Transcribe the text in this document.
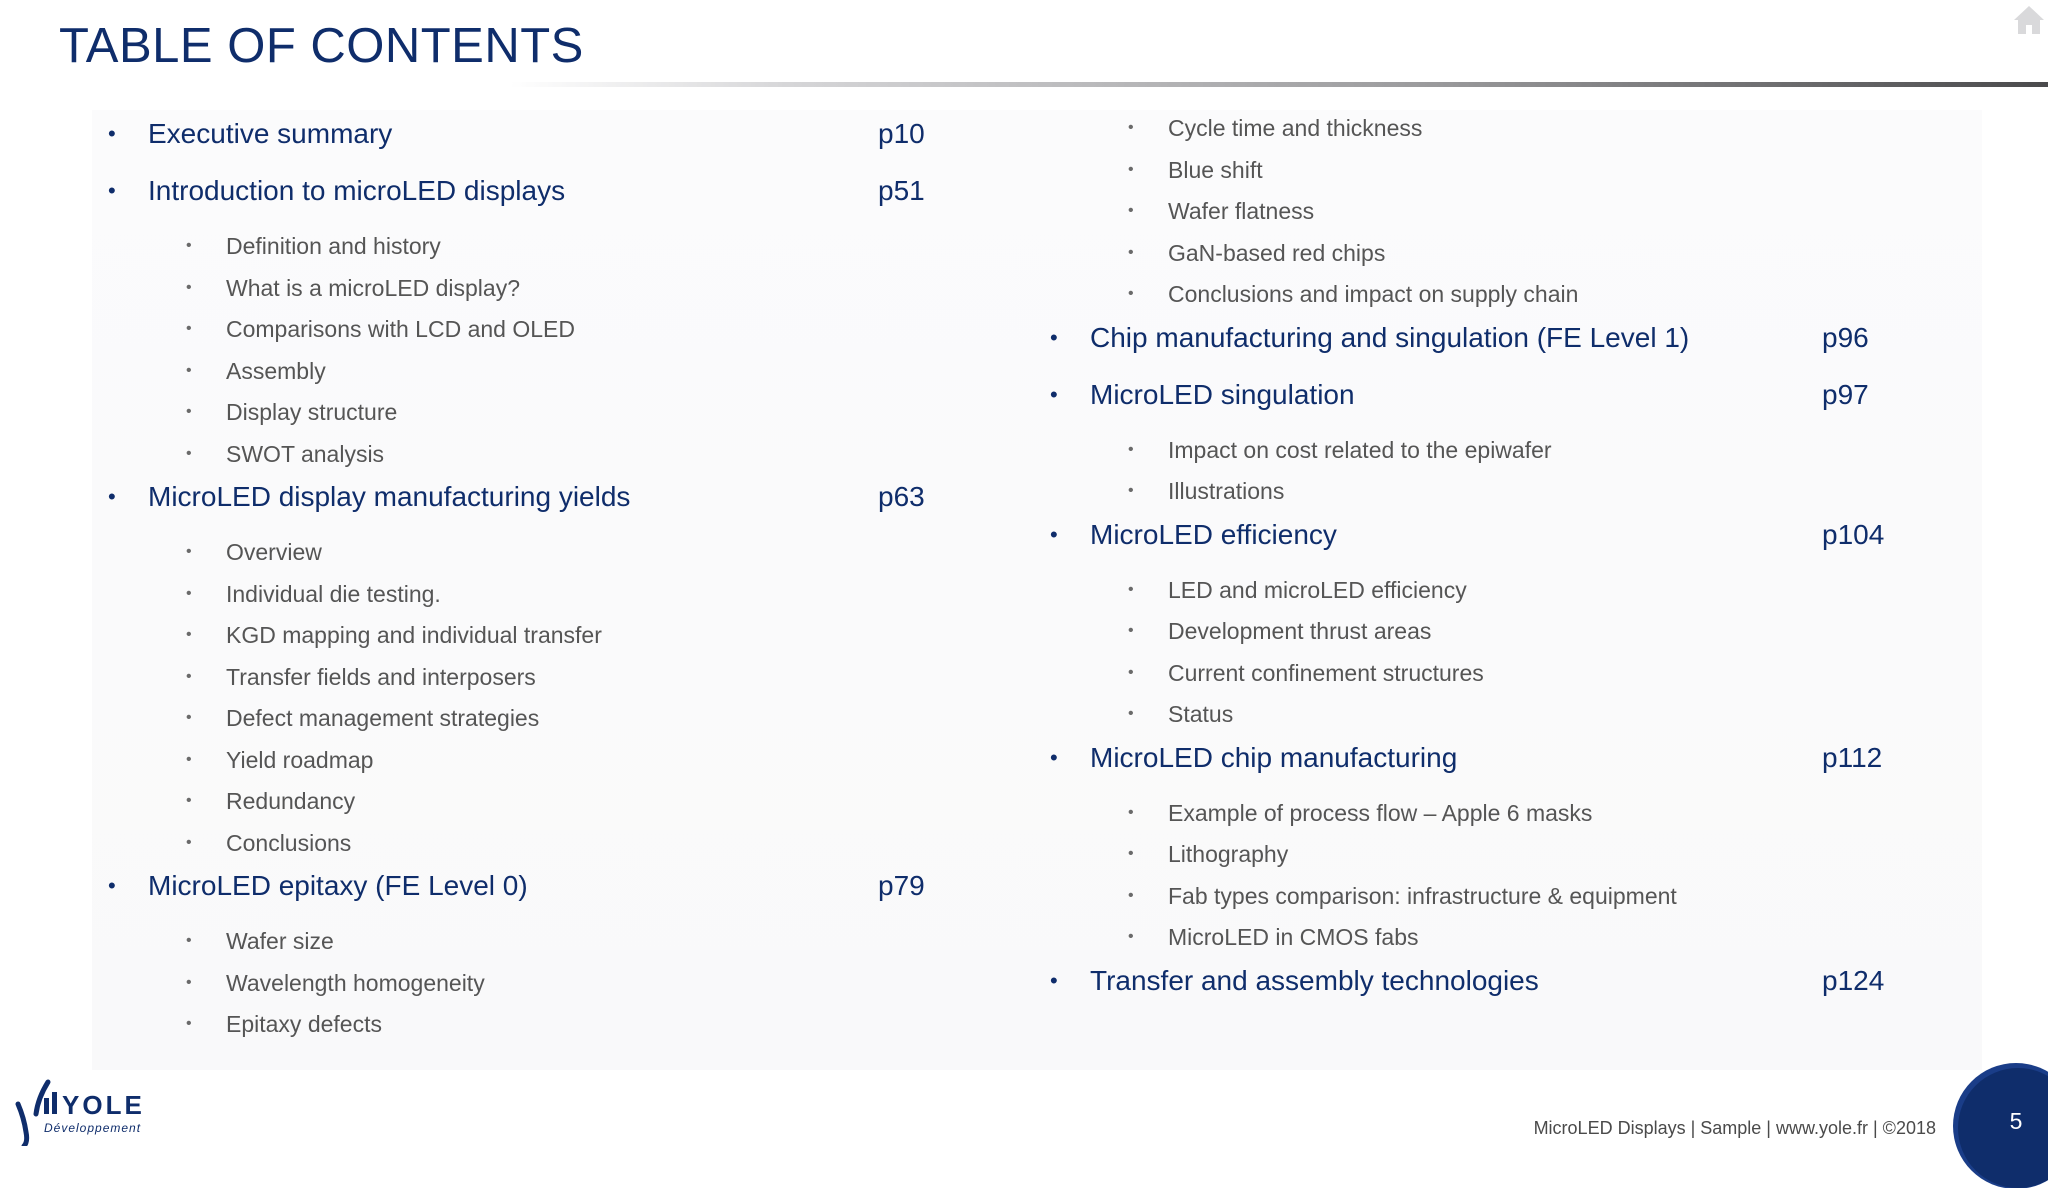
TABLE OF CONTENTS
• Executive summary	p10
• Introduction to microLED displays	p51
• Definition and history
• What is a microLED display?
• Comparisons with LCD and OLED
• Assembly
• Display structure
• SWOT analysis
• MicroLED display manufacturing yields	p63
• Overview
• Individual die testing.
• KGD mapping and individual transfer
• Transfer fields and interposers
• Defect management strategies
• Yield roadmap
• Redundancy
• Conclusions
• MicroLED epitaxy (FE Level 0)	p79
• Wafer size
• Wavelength homogeneity
• Epitaxy defects
• Cycle time and thickness
• Blue shift
• Wafer flatness
• GaN-based red chips
• Conclusions and impact on supply chain
• Chip manufacturing and singulation (FE Level 1)	p96
• MicroLED singulation	p97
• Impact on cost related to the epiwafer
• Illustrations
• MicroLED efficiency	p104
• LED and microLED efficiency
• Development thrust areas
• Current confinement structures
• Status
• MicroLED chip manufacturing	p112
• Example of process flow – Apple 6 masks
• Lithography
• Fab types comparison: infrastructure & equipment
• MicroLED in CMOS fabs
• Transfer and assembly technologies	p124
YOLE
Développement	MicroLED Displays | Sample | www.yole.fr | ©2018	5
